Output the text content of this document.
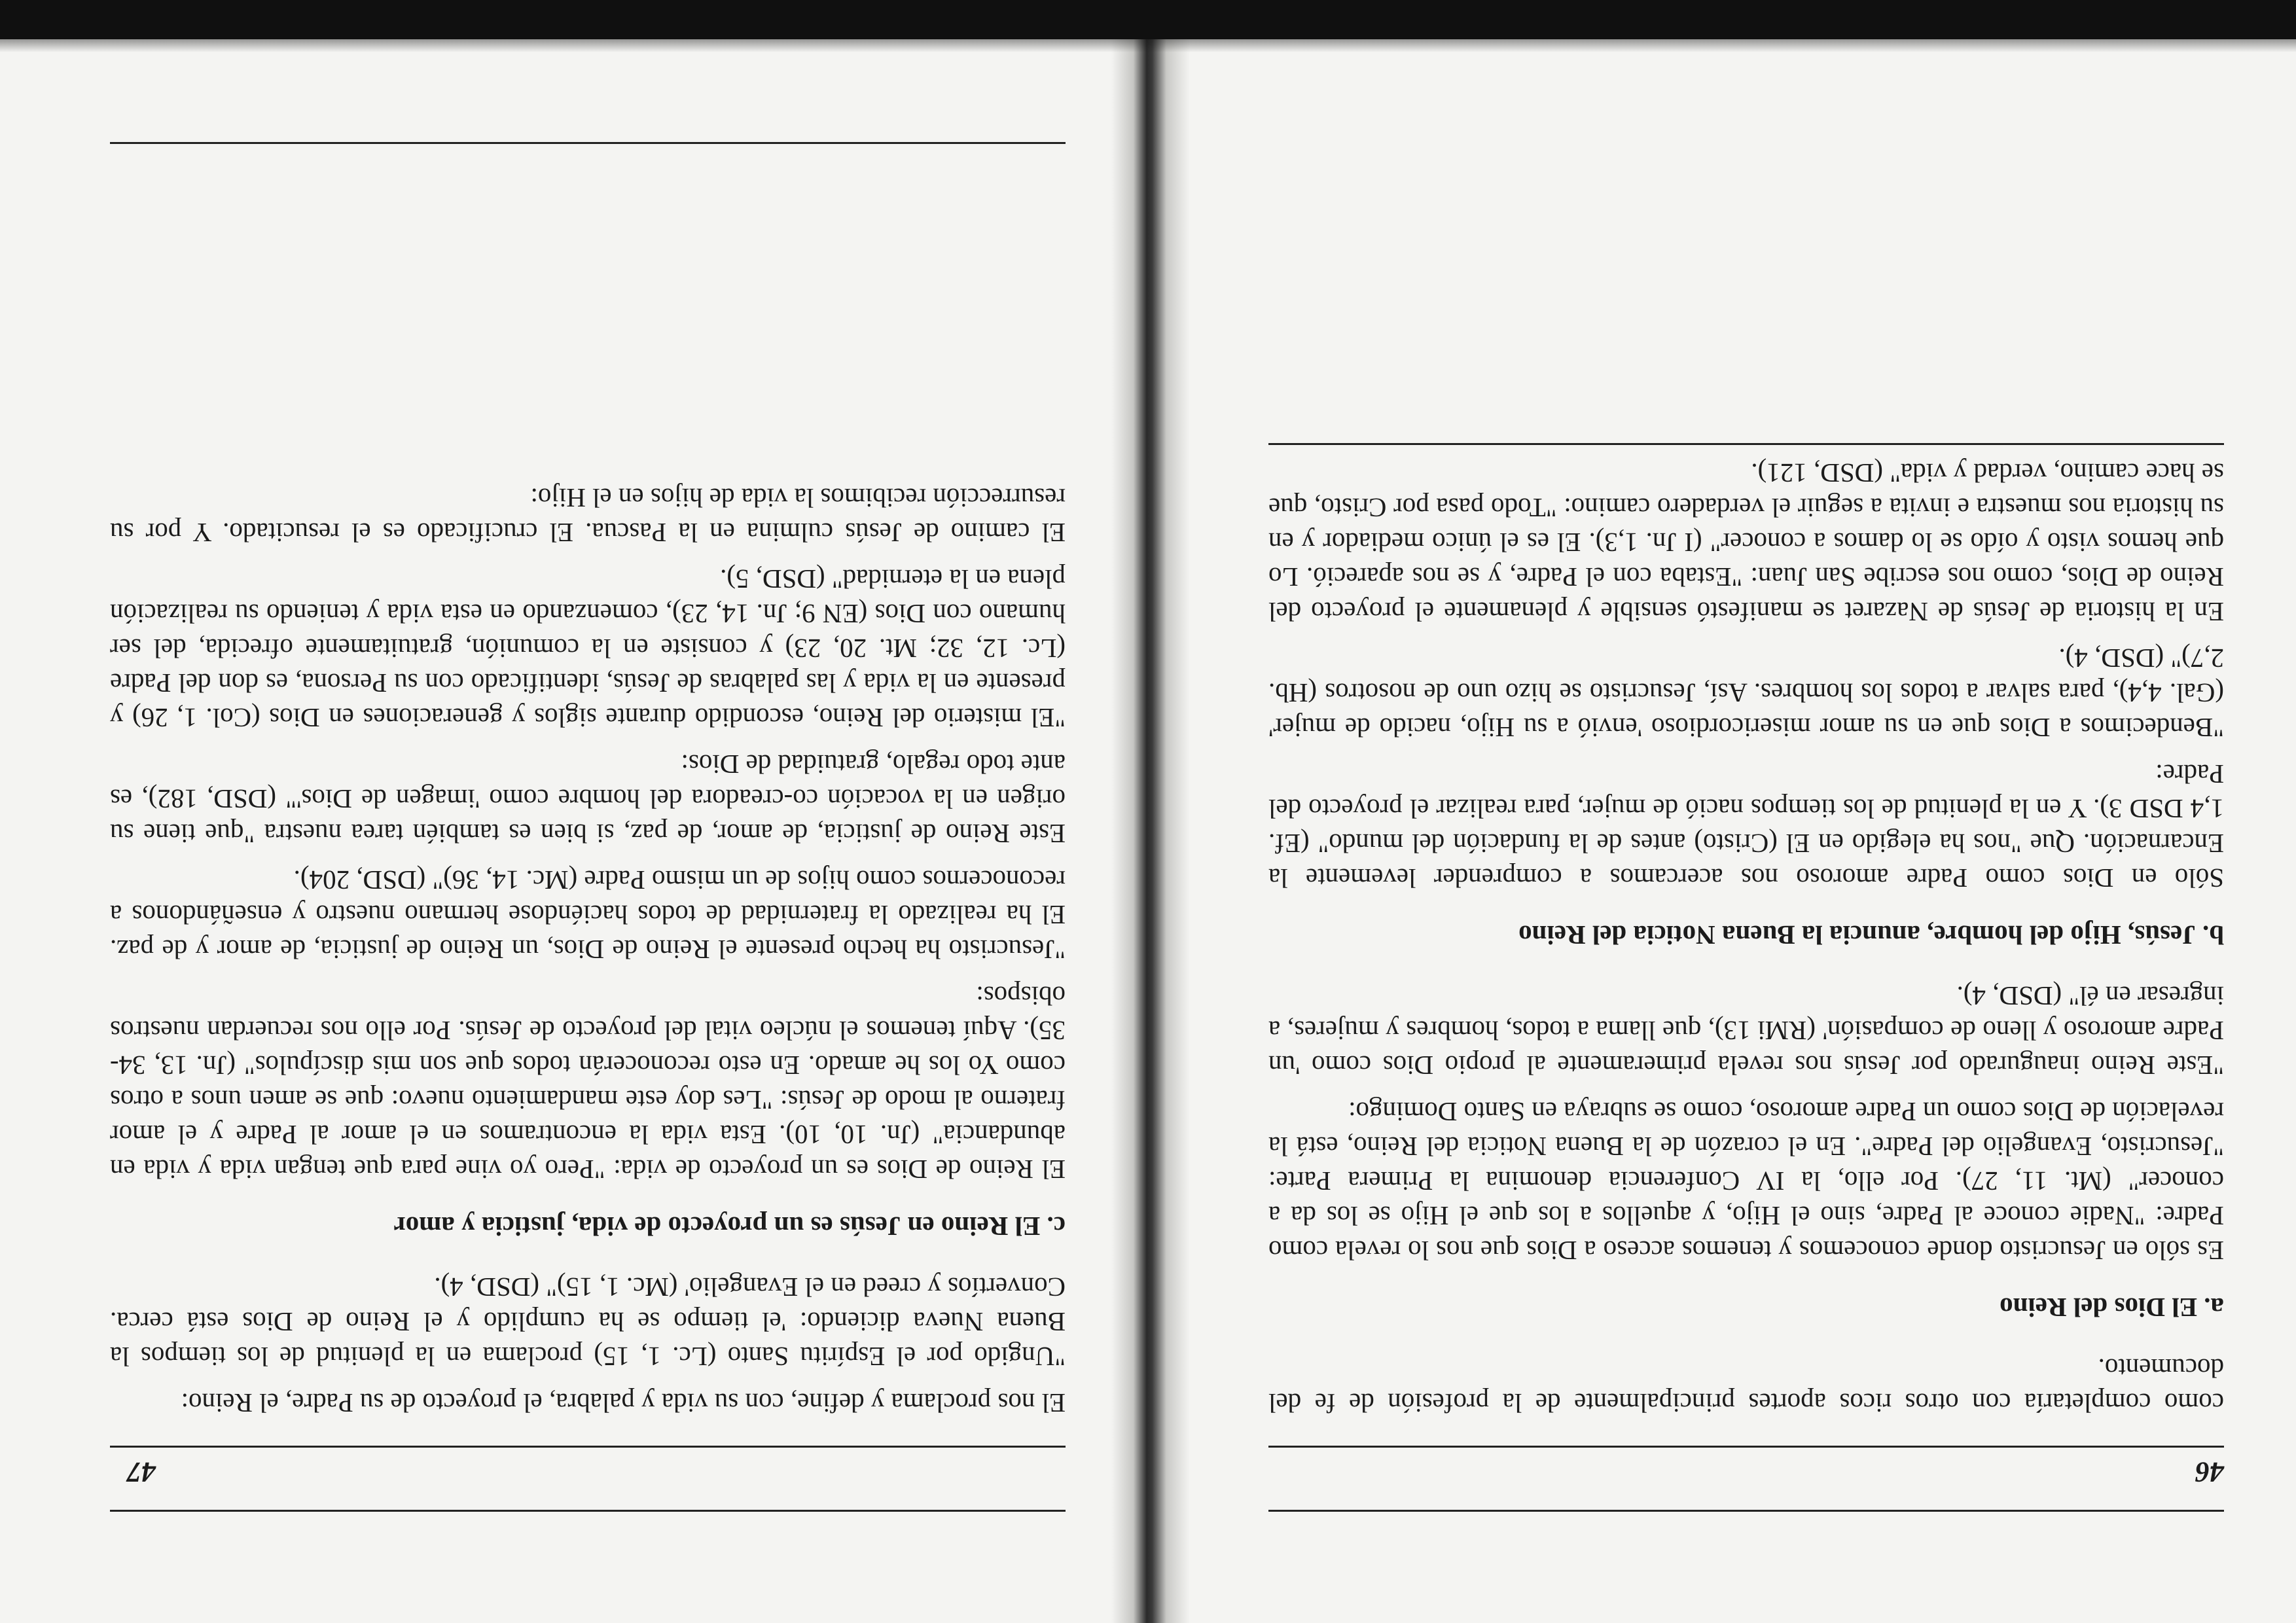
46

como completaría con otros ricos aportes principalmente de la profesión de fe del documento.

a. El Dios del Reino

Es sólo en Jesucristo donde conocemos y tenemos acceso a Dios que nos lo revela como Padre: "Nadie conoce al Padre, sino el Hijo, y aquellos a los que el Hijo se los da a conocer" (Mt. 11, 27). Por ello, la IV Conferencia denomina la Primera Parte: "Jesucristo, Evangelio del Padre". En el corazón de la Buena Noticia del Reino, está la revelación de Dios como un Padre amoroso, como se subraya en Santo Domingo:

"Este Reino inaugurado por Jesús nos revela primeramente al propio Dios como 'un Padre amoroso y lleno de compasión' (RMi 13), que llama a todos, hombres y mujeres, a ingresar en él" (DSD, 4).

b. Jesús, Hijo del hombre, anuncia la Buena Noticia del Reino

Sólo en Dios como Padre amoroso nos acercamos a comprender levemente la Encarnación. Que "nos ha elegido en El (Cristo) antes de la fundación del mundo" (Ef. 1,4 DSD 3). Y en la plenitud de los tiempos nació de mujer, para realizar el proyecto del Padre:

"Bendecimos a Dios que en su amor misericordioso 'envió a su Hijo, nacido de mujer' (Gal. 4,4), para salvar a todos los hombres. Así, Jesucristo se hizo uno de nosotros (Hb. 2,7)" (DSD, 4).

En la historia de Jesús de Nazaret se manifestó sensible y plenamente el proyecto del Reino de Dios, como nos escribe San Juan: "Estaba con el Padre, y se nos apareció. Lo que hemos visto y oído se lo damos a conocer" (I Jn. 1,3). El es el único mediador y en su historia nos muestra e invita a seguir el verdadero camino: "Todo pasa por Cristo, que se hace camino, verdad y vida" (DSD, 121).

47

El nos proclama y define, con su vida y palabra, el proyecto de su Padre, el Reino:

"Ungido por el Espíritu Santo (Lc. 1, 15) proclama en la plenitud de los tiempos la Buena Nueva diciendo: 'el tiempo se ha cumplido y el Reino de Dios está cerca. Convertíos y creed en el Evangelio' (Mc. 1, 15)" (DSD, 4).

c. El Reino en Jesús es un proyecto de vida, justicia y amor

El Reino de Dios es un proyecto de vida: "Pero yo vine para que tengan vida y vida en abundancia" (Jn. 10, 10). Esta vida la encontramos en el amor al Padre y el amor fraterno al modo de Jesús: "Les doy este mandamiento nuevo: que se amen unos a otros como Yo los he amado. En esto reconocerán todos que son mis discípulos" (Jn. 13, 34-35). Aquí tenemos el núcleo vital del proyecto de Jesús. Por ello nos recuerdan nuestros obispos:

"Jesucristo ha hecho presente el Reino de Dios, un Reino de justicia, de amor y de paz. El ha realizado la fraternidad de todos haciéndose hermano nuestro y enseñándonos a reconocernos como hijos de un mismo Padre (Mc. 14, 36)" (DSD, 204).

Este Reino de justicia, de amor, de paz, si bien es también tarea nuestra "que tiene su origen en la vocación co-creadora del hombre como 'imagen de Dios'" (DSD, 182), es ante todo regalo, gratuidad de Dios:

"El misterio del Reino, escondido durante siglos y generaciones en Dios (Col. 1, 26) y presente en la vida y las palabras de Jesús, identificado con su Persona, es don del Padre (Lc. 12, 32; Mt. 20, 23) y consiste en la comunión, gratuitamente ofrecida, del ser humano con Dios (EN 9; Jn. 14, 23), comenzando en esta vida y teniendo su realización plena en la eternidad" (DSD, 5).

El camino de Jesús culmina en la Pascua. El crucificado es el resucitado. Y por su resurrección recibimos la vida de hijos en el Hijo:
